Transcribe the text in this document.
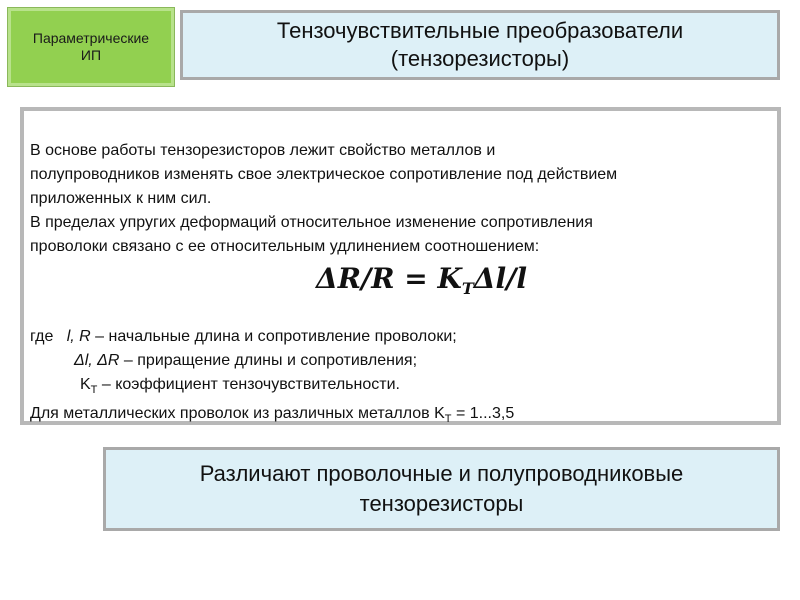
Параметрические
ИП
Тензочувствительные преобразователи
(тензорезисторы)
В основе работы тензорезисторов лежит свойство металлов и
полупроводников изменять свое электрическое сопротивление под действием
приложенных к ним сил.
В пределах упругих деформаций относительное изменение сопротивления
проволоки связано с ее относительным удлинением соотношением:
$\Delta R/R = K_T\Delta l/l$
где l, R – начальные длина и сопротивление проволоки;
Δl, ΔR – приращение длины и сопротивления;
$K_T$ – коэффициент тензочувствительности.
Для металлических проволок из различных металлов $K_T = 1...3,5$
Различают проволочные и полупроводниковые
тензорезисторы
